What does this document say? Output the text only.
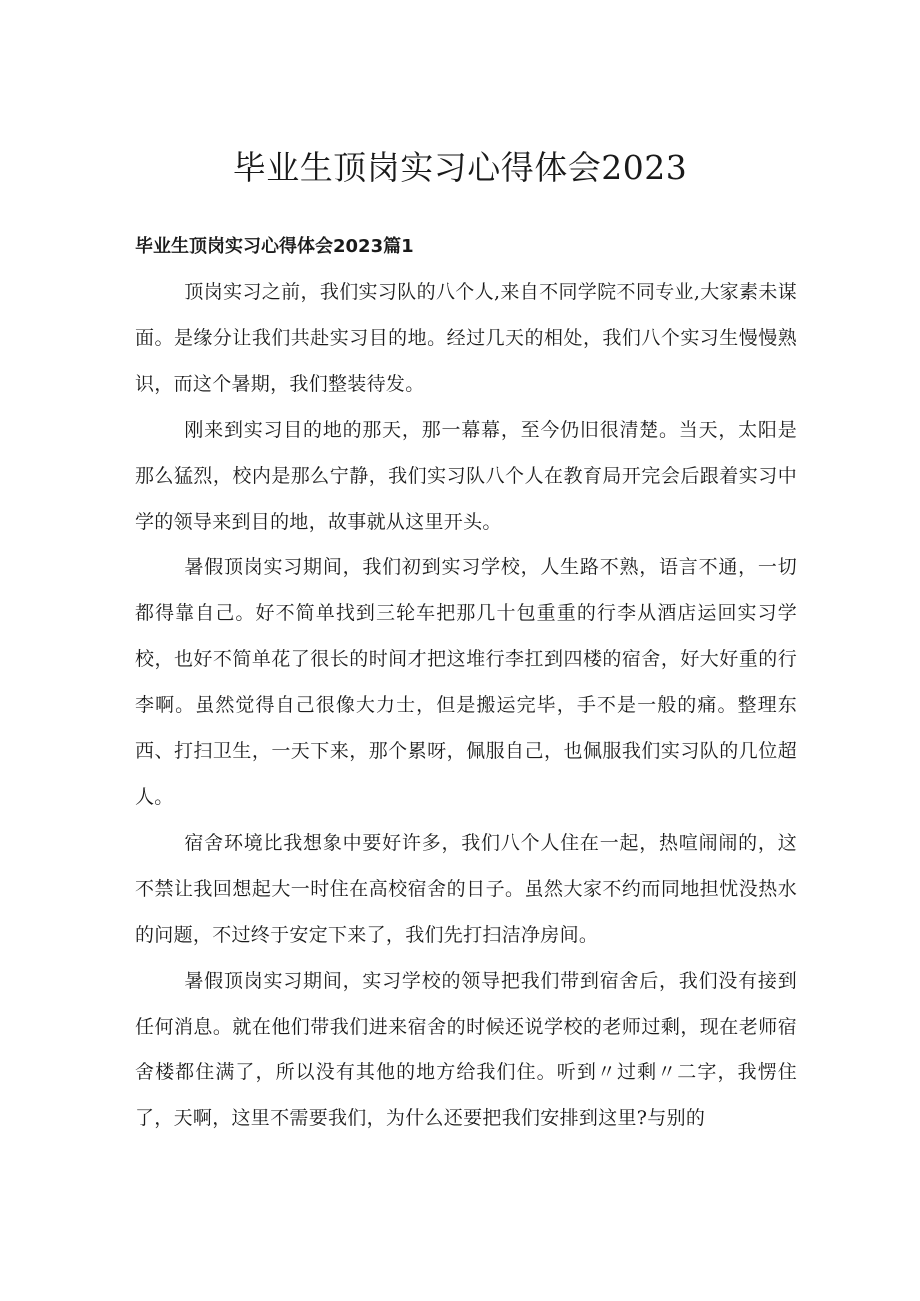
毕业生顶岗实习心得体会2023
毕业生顶岗实习心得体会2023篇1

顶岗实习之前，我们实习队的八个人,来自不同学院不同专业,大家素未谋面。是缘分让我们共赴实习目的地。经过几天的相处，我们八个实习生慢慢熟识，而这个暑期，我们整装待发。

刚来到实习目的地的那天，那一幕幕，至今仍旧很清楚。当天，太阳是那么猛烈，校内是那么宁静，我们实习队八个人在教育局开完会后跟着实习中学的领导来到目的地，故事就从这里开头。

暑假顶岗实习期间，我们初到实习学校，人生路不熟，语言不通，一切都得靠自己。好不简单找到三轮车把那几十包重重的行李从酒店运回实习学校，也好不简单花了很长的时间才把这堆行李扛到四楼的宿舍，好大好重的行李啊。虽然觉得自己很像大力士，但是搬运完毕，手不是一般的痛。整理东西、打扫卫生，一天下来，那个累呀，佩服自己，也佩服我们实习队的几位超人。

宿舍环境比我想象中要好许多，我们八个人住在一起，热喧闹闹的，这不禁让我回想起大一时住在高校宿舍的日子。虽然大家不约而同地担忧没热水的问题，不过终于安定下来了，我们先打扫洁净房间。

暑假顶岗实习期间，实习学校的领导把我们带到宿舍后，我们没有接到任何消息。就在他们带我们进来宿舍的时候还说学校的老师过剩，现在老师宿舍楼都住满了，所以没有其他的地方给我们住。听到〃过剩〃二字，我愣住了，天啊，这里不需要我们，为什么还要把我们安排到这里?与别的
